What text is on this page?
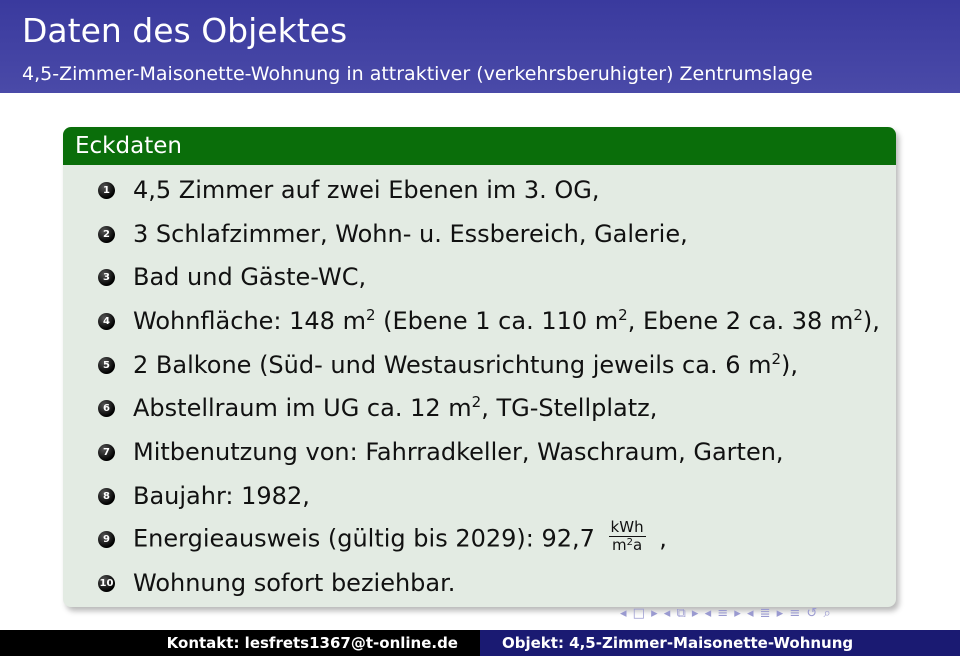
Daten des Objektes
4,5-Zimmer-Maisonette-Wohnung in attraktiver (verkehrsberuhigter) Zentrumslage
Eckdaten
1 4,5 Zimmer auf zwei Ebenen im 3. OG,
2 3 Schlafzimmer, Wohn- u. Essbereich, Galerie,
3 Bad und Gäste-WC,
4 Wohnfläche: 148 $m^2$ (Ebene 1 ca. 110 $m^2$, Ebene 2 ca. 38 $m^2$),
5 2 Balkone (Süd- und Westausrichtung jeweils ca. 6 $m^2$),
6 Abstellraum im UG ca. 12 $m^2$, TG-Stellplatz,
7 Mitbenutzung von: Fahrradkeller, Waschraum, Garten,
8 Baujahr: 1982,
9 Energieausweis (gültig bis 2029): $92,7 \frac{\text{kWh}}{m^2a}$ ,
10 Wohnung sofort beziehbar.
◂ □ ▸ ◂ ⧉ ▸ ◂ ≡ ▸ ◂ ≣ ▸ ≡ ↺ ⌕
Kontakt: lesfrets1367@t-online.de	Objekt: 4,5-Zimmer-Maisonette-Wohnung
